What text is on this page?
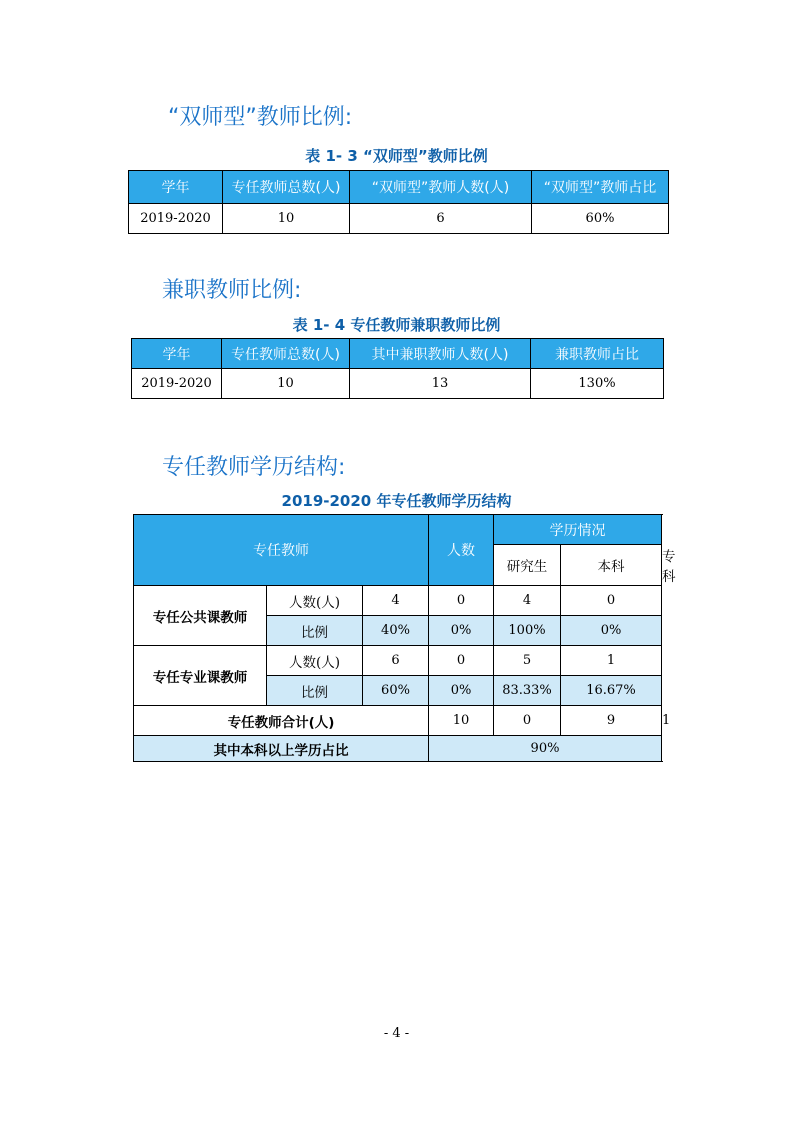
“双师型”教师比例:
表 1- 3 “双师型”教师比例
学年	专任教师总数(人)	“双师型”教师人数(人)	“双师型”教师占比
2019-2020	10	6	60%
兼职教师比例:
表 1- 4 专任教师兼职教师比例
学年	专任教师总数(人)	其中兼职教师人数(人)	兼职教师占比
2019-2020	10	13	130%
专任教师学历结构:
2019-2020 年专任教师学历结构
专任教师			人数	学历情况		
				研究生	本科	专科
专任公共课教师	人数(人)	4	0	4	0	
	比例	40%	0%	100%	0%	
专任专业课教师	人数(人)	6	0	5	1	
	比例	60%	0%	83.33%	16.67%	
专任教师合计(人)			10	0	9	1
其中本科以上学历占比			90%			
- 4 -
